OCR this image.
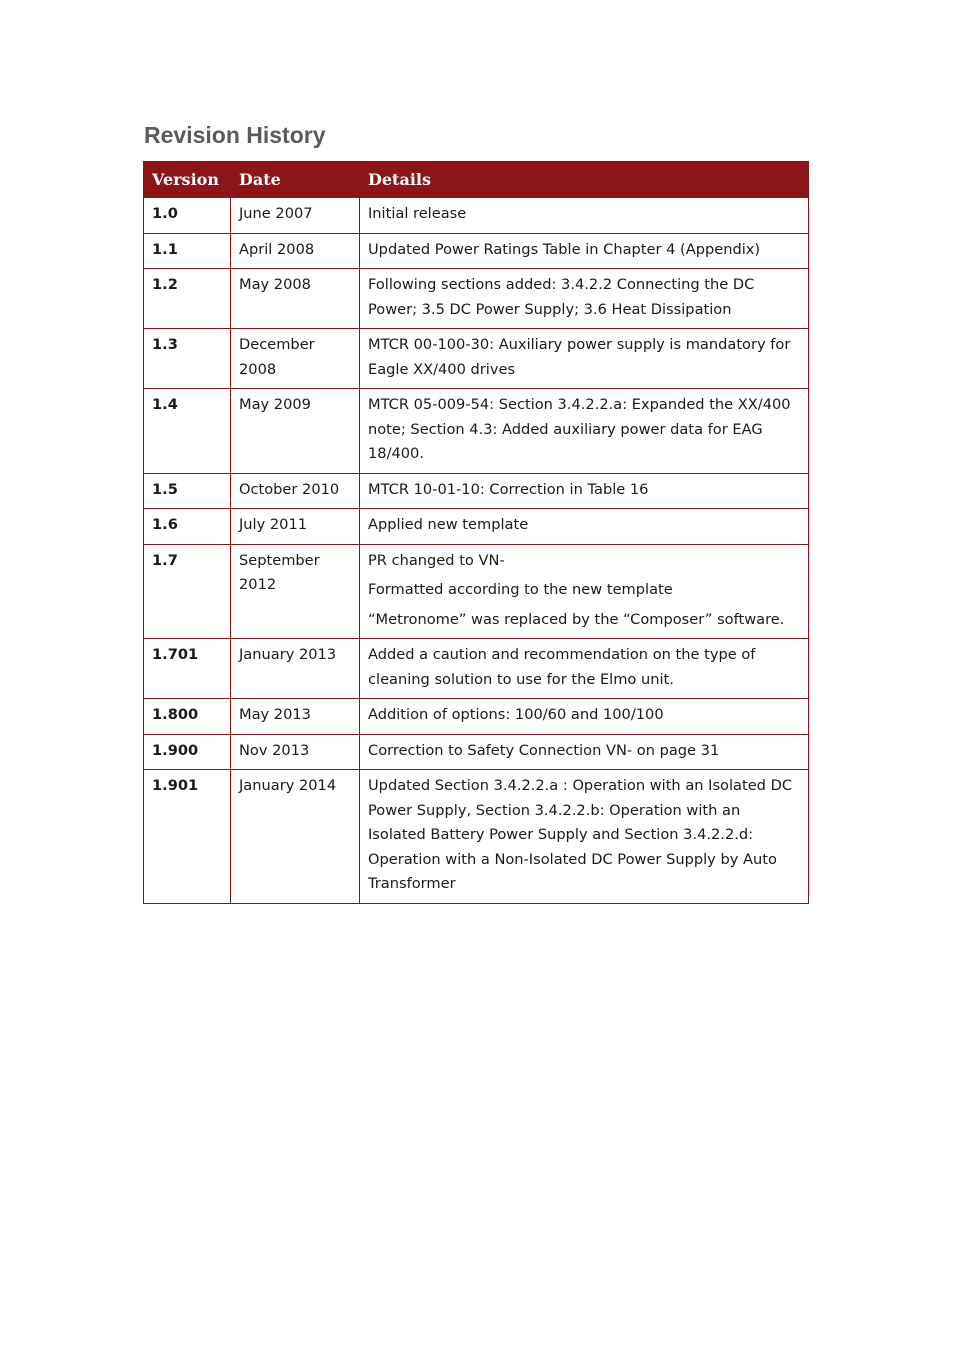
Revision History
Version	Date	Details
1.0	June 2007	Initial release

1.1	April 2008	Updated Power Ratings Table in Chapter 4 (Appendix)

1.2	May 2008	Following sections added: 3.4.2.2 Connecting the DC Power; 3.5 DC Power Supply; 3.6 Heat Dissipation

1.3	December 2008	MTCR 00-100-30: Auxiliary power supply is mandatory for Eagle XX/400 drives

1.4	May 2009	MTCR 05-009-54: Section 3.4.2.2.a: Expanded the XX/400 note; Section 4.3: Added auxiliary power data for EAG 18/400.

1.5	October 2010	MTCR 10-01-10: Correction in Table 16

1.6	July 2011	Applied new template

1.7	September 2012	PR changed to VN-

Formatted according to the new template

“Metronome” was replaced by the “Composer” software.

1.701	January 2013	Added a caution and recommendation on the type of cleaning solution to use for the Elmo unit.

1.800	May 2013	Addition of options: 100/60 and 100/100

1.900	Nov 2013	Correction to Safety Connection VN- on page 31

1.901	January 2014	Updated Section 3.4.2.2.a : Operation with an Isolated DC Power Supply, Section 3.4.2.2.b: Operation with an Isolated Battery Power Supply and Section 3.4.2.2.d: Operation with a Non-Isolated DC Power Supply by Auto Transformer
